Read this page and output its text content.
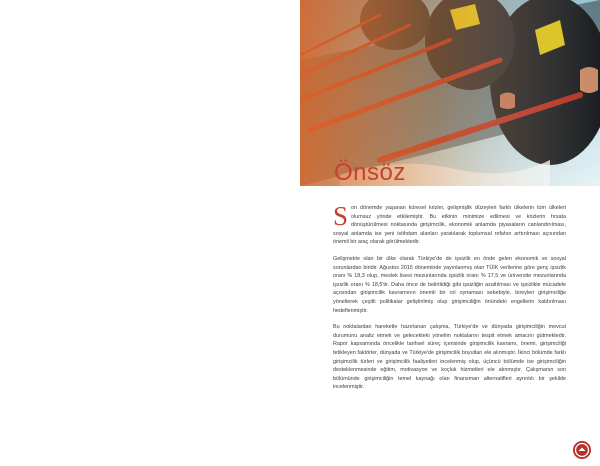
Önsöz

Son dönemde yaşanan küresel krizler, gelişmişlik düzeyleri farklı ülkelerin tüm ülkeleri olumsuz yönde etkilemiştir. Bu etkinin minimize edilmesi ve krizlerin fırsata dönüştürülmesi noktasında girişimcilik, ekonomik anlamda piyasaların canlandırılması, sosyal anlamda ise yeni istihdam alanları yaratılarak toplumsal refahın arttırılması açısından önemli bir araç olarak görülmektedir.

Gelişmekte olan bir ülke olarak Türkiye'de de işsizlik en önde gelen ekonomik ve sosyal sorunlardan biridir. Ağustos 2015 döneminde yayınlanmış olan TÜİK verilerine göre genç işsizlik oranı % 18,3 olup, meslek lisesi mezunlarında işsizlik oranı % 17,5 ve üniversite mezunlarında işsizlik oranı % 18,5'tir. Daha önce de belirtildiği gibi işsizliğin azaltılması ve işsizlikle mücadele açısından girişimcilik kavramının önemli bir rol oynaması sebebiyle, bireyleri girişimciliğe yönelterek çeşitli politikalar geliştirilmiş olup girişimciliğin önündeki engellerin kaldırılması hedeflenmiştir.

Bu noktalardan hareketle hazırlanan çalışma, Türkiye'de ve dünyada girişimciliğin mevcut durumunu analiz etmek ve gelecekteki yönelim noktalarını tespit etmek amacını gütmektedir. Rapor kapsamında öncelikle tarihsel süreç içerisinde girişimcilik kavramı, önemi, girişimciliği tetikleyen faktörler, dünyada ve Türkiye'de girişimcilik boyutları ele alınmıştır. İkinci bölümde farklı girişimcilik türleri ve girişimcilik faaliyetleri incelenmiş olup, üçüncü bölümde ise girişimciliğin desteklenmesinde eğitim, motivasyon ve koçluk hizmetleri ele alınmıştır. Çalışmanın son bölümünde girişimciliğin temel kaynağı olan finansman alternatifleri ayrıntılı bir şekilde incelenmiştir.
